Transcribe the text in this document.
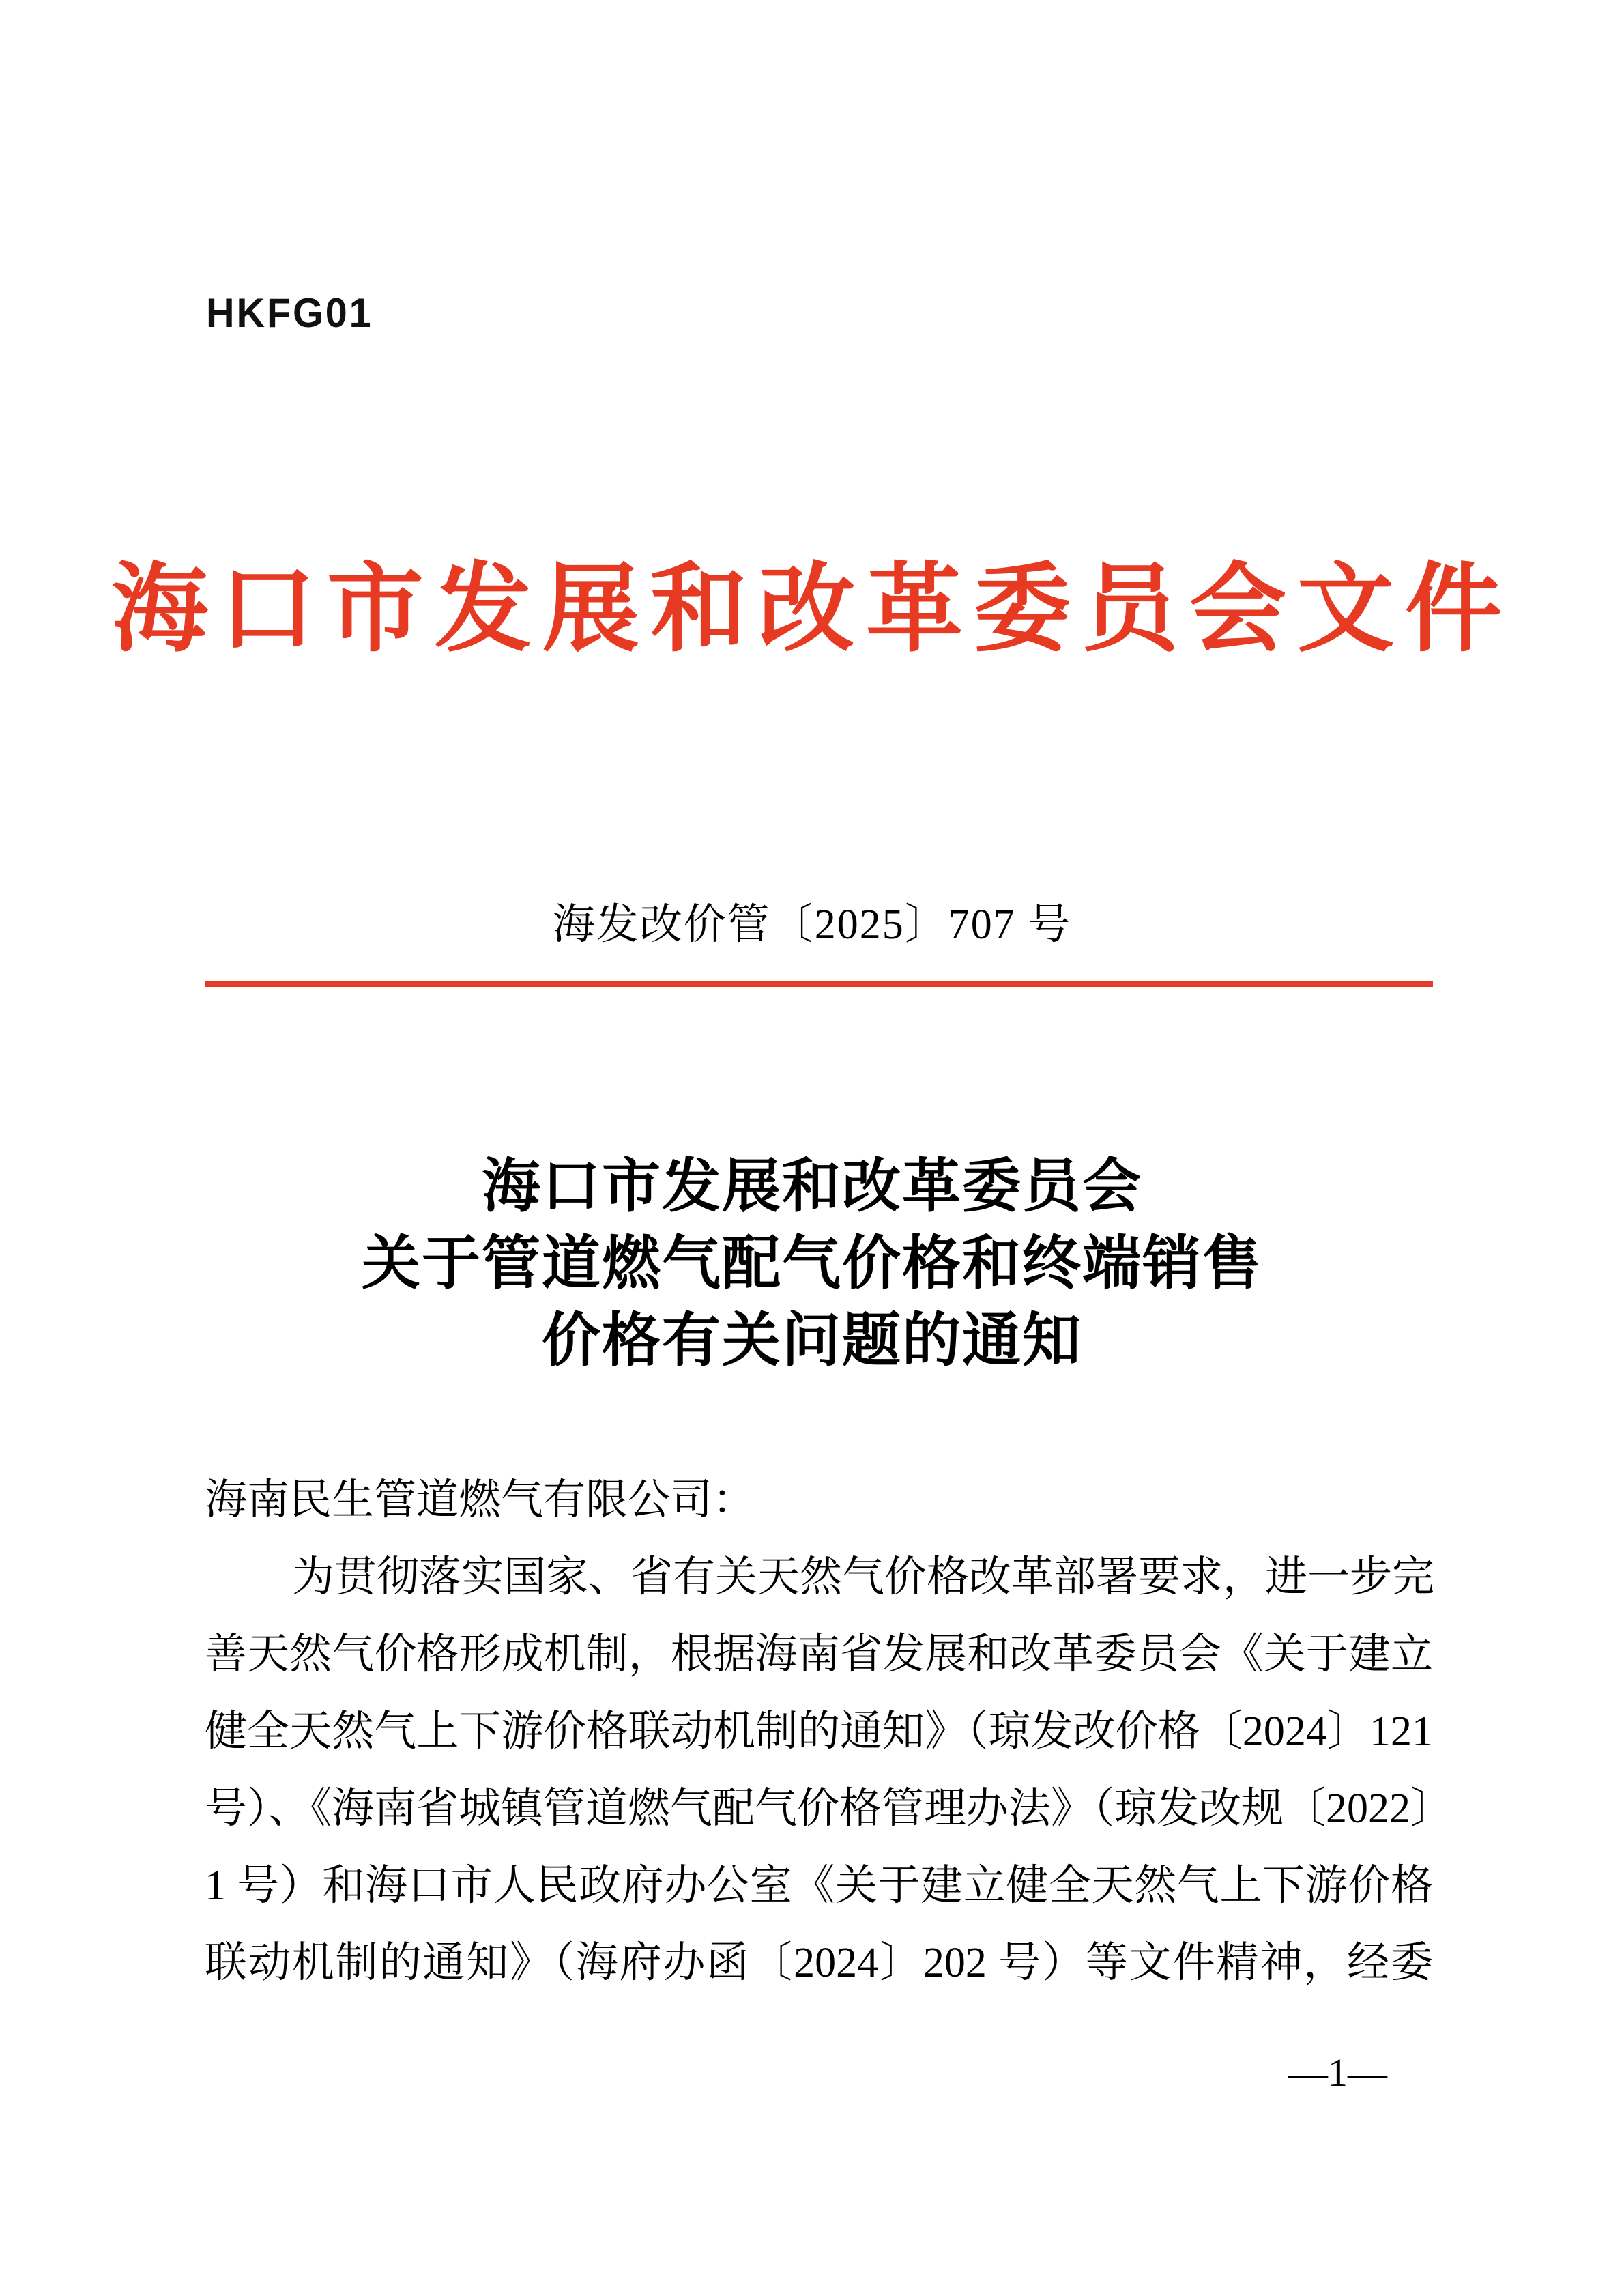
HKFG01
海口市发展和改革委员会文件
海发改价管〔2025〕707 号
海口市发展和改革委员会
关于管道燃气配气价格和终端销售
价格有关问题的通知
海南民生管道燃气有限公司：
为贯彻落实国家、省有关天然气价格改革部署要求，进一步完
善天然气价格形成机制，根据海南省发展和改革委员会《关于建立
健全天然气上下游价格联动机制的通知》（琼发改价格〔2024〕121
号）、《海南省城镇管道燃气配气价格管理办法》（琼发改规〔2022〕
1 号）和海口市人民政府办公室《关于建立健全天然气上下游价格
联动机制的通知》（海府办函〔2024〕202 号）等文件精神，经委
—1—
